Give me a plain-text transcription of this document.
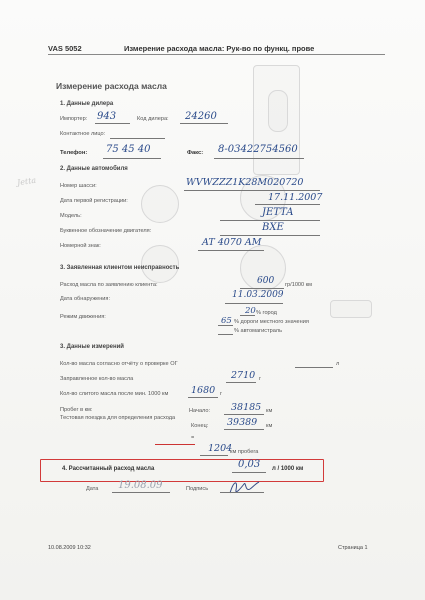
Jetta
VAS 5052	Измерение расхода масла: Рук-во по функц. прове
Измерение расхода масла
1. Данные дилера
Импортер: 943	Код дилера: 24260
Контактное лицо:
Телефон: 75 45 40	Факс: 8-03422754560
2. Данные автомобиля
Номер шасси:	WVWZZZ1K28M020720
Дата первой регистрации:	17.11.2007
Модель:	JETTA
Буквенное обозначение двигателя:	BXE
Номерной знак:	AT 4070 AM
3. Заявленная клиентом неисправность
Расход масла по заявлению клиента:	600 гр/1000 км
Дата обнаружения:	11.03.2009
Режим движения:
20 % город
65 % дороги местного значения
% автомагистраль
3. Данные измерений
Кол-во масла согласно отчёту о проверке ОГ	л
Заправленное кол-во масла	2710 г
Кол-во слитого масла после мин. 1000 км 1680 г
Пробег в км:
Тестовая поездка для определения расхода
Начало: 38185 км
Конец: 39389 км
=
1204
км пробега
4. Рассчитанный расход масла	0,03 л / 1000 км
Дата 19.08.09	Подпись
10.08.2009 10:32	Страница 1
